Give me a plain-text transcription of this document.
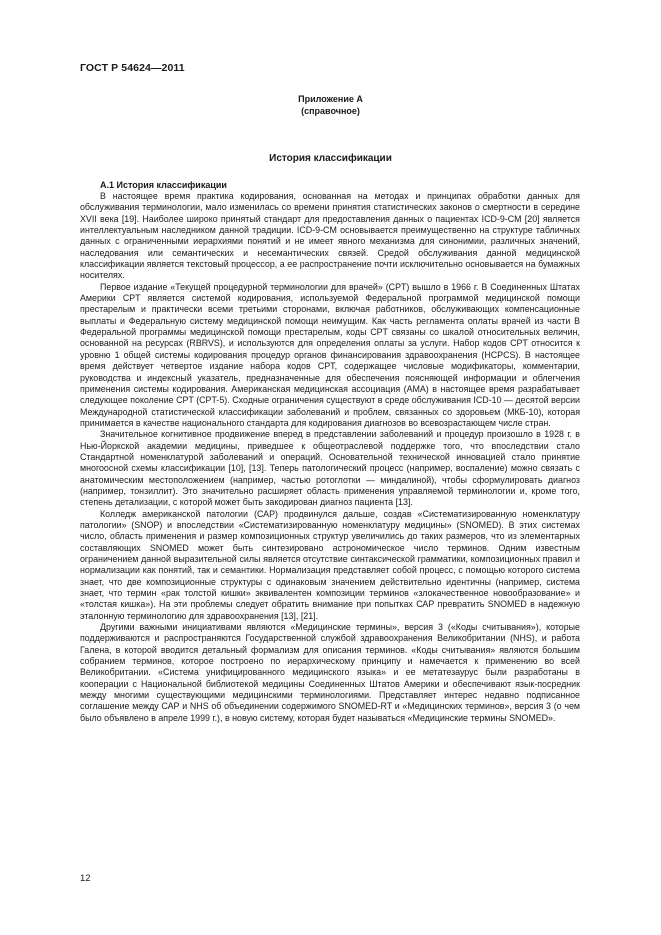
ГОСТ Р 54624—2011
Приложение А
(справочное)
История классификации
А.1 История классификации

В настоящее время практика кодирования, основанная на методах и принципах обработки данных для обслуживания терминологии, мало изменилась со времени принятия статистических законов о смертности в середине XVII века [19]. Наиболее широко принятый стандарт для предоставления данных о пациентах ICD-9-CM [20] является интеллектуальным наследником данной традиции. ICD-9-CM основывается преимущественно на структуре табличных данных с ограниченными иерархиями понятий и не имеет явного механизма для синонимии, различных значений, наследования или семантических и несемантических связей. Средой обслуживания данной медицинской классификации является текстовый процессор, а ее распространение почти исключительно основывается на бумажных носителях.

Первое издание «Текущей процедурной терминологии для врачей» (CPT) вышло в 1966 г. В Соединенных Штатах Америки CPT является системой кодирования, используемой Федеральной программой медицинской помощи престарелым и практически всеми третьими сторонами, включая работников, обслуживающих компенсационные выплаты и Федеральную систему медицинской помощи неимущим. Как часть регламента оплаты врачей из части В Федеральной программы медицинской помощи престарелым, коды CPT связаны со шкалой относительных величин, основанной на ресурсах (RBRVS), и используются для определения оплаты за услуги. Набор кодов CPT относится к уровню 1 общей системы кодирования процедур органов финансирования здравоохранения (HCPCS). В настоящее время действует четвертое издание набора кодов CPT, содержащее числовые модификаторы, комментарии, руководства и индексный указатель, предназначенные для обеспечения поясняющей информации и облегчения применения системы кодирования. Американская медицинская ассоциация (AMA) в настоящее время разрабатывает следующее поколение CPT (CPT-5). Сходные ограничения существуют в среде обслуживания ICD-10 — десятой версии Международной статистической классификации заболеваний и проблем, связанных со здоровьем (МКБ-10), которая принимается в качестве национального стандарта для кодирования диагнозов во всевозрастающем числе стран.

Значительное когнитивное продвижение вперед в представлении заболеваний и процедур произошло в 1928 г. в Нью-Йоркской академии медицины, приведшее к общеотраслевой поддержке того, что впоследствии стало Стандартной номенклатурой заболеваний и операций. Основательной технической инновацией стало принятие многоосной схемы классификации [10], [13]. Теперь патологический процесс (например, воспаление) можно связать с анатомическим местоположением (например, частью ротоглотки — миндалиной), чтобы сформулировать диагноз (например, тонзиллит). Это значительно расширяет область применения управляемой терминологии и, кроме того, степень детализации, с которой может быть закодирован диагноз пациента [13].

Колледж американской патологии (САР) продвинулся дальше, создав «Систематизированную номенклатуру патологии» (SNOP) и впоследствии «Систематизированную номенклатуру медицины» (SNOMED). В этих системах число, область применения и размер композиционных структур увеличились до таких размеров, что из элементарных составляющих SNOMED может быть синтезировано астрономическое число терминов. Одним известным ограничением данной выразительной силы является отсутствие синтаксической грамматики, композиционных правил и нормализации как понятий, так и семантики. Нормализация представляет собой процесс, с помощью которого система знает, что две композиционные структуры с одинаковым значением действительно идентичны (например, система знает, что термин «рак толстой кишки» эквивалентен композиции терминов «злокачественное новообразование» и «толстая кишка»). На эти проблемы следует обратить внимание при попытках САР превратить SNOMED в надежную эталонную терминологию для здравоохранения [13], [21].

Другими важными инициативами являются «Медицинские термины», версия 3 («Коды считывания»), которые поддерживаются и распространяются Государственной службой здравоохранения Великобритании (NHS), и работа Галена, в которой вводится детальный формализм для описания терминов. «Коды считывания» являются большим собранием терминов, которое построено по иерархическому принципу и намечается к применению во всей Великобритании. «Система унифицированного медицинского языка» и ее метатезаурус были разработаны в кооперации с Национальной библиотекой медицины Соединенных Штатов Америки и обеспечивают язык-посредник между многими существующими медицинскими терминологиями. Представляет интерес недавно подписанное соглашение между САР и NHS об объединении содержимого SNOMED-RT и «Медицинских терминов», версия 3 (о чем было объявлено в апреле 1999 г.), в новую систему, которая будет называться «Медицинские термины SNOMED».

12
